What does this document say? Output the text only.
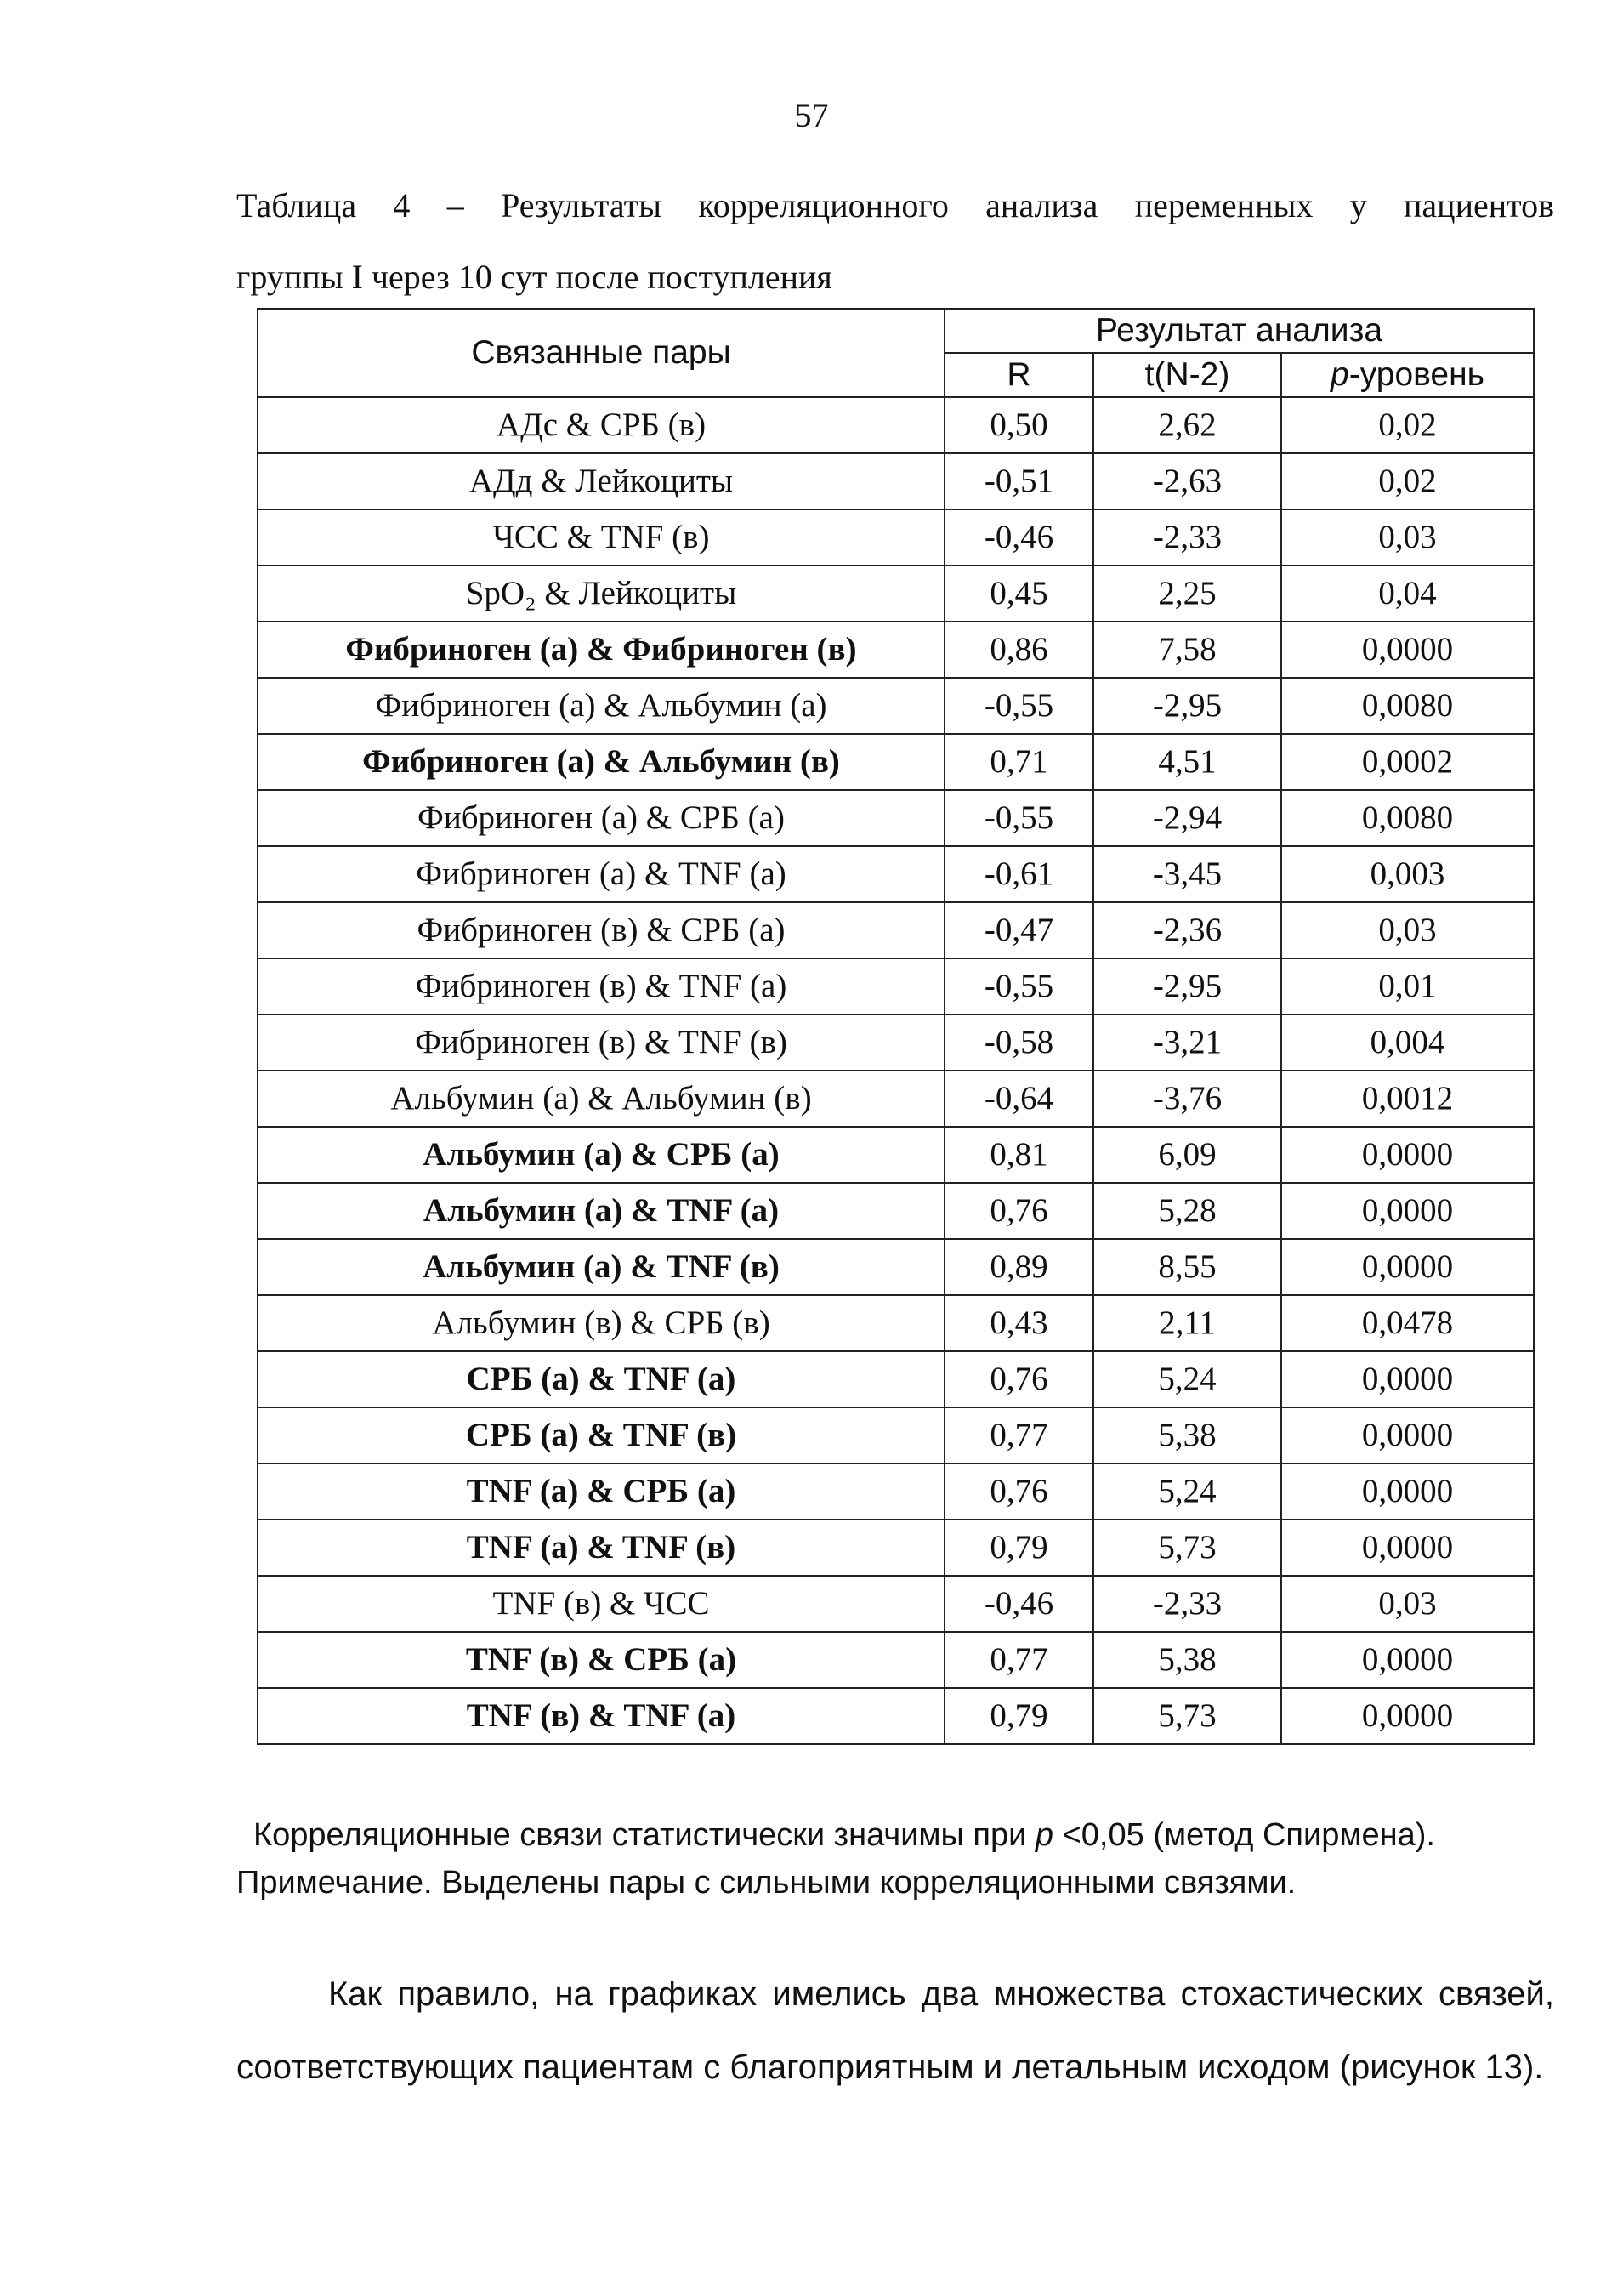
57
Таблица 4 – Результаты корреляционного анализа переменных у пациентов
группы I через 10 сут после поступления
Связанные пары	Результат анализа		
	R	t(N-2)	p-уровень
АДс & СРБ (в)	0,50	2,62	0,02
АДд & Лейкоциты	-0,51	-2,63	0,02
ЧСС & TNF (в)	-0,46	-2,33	0,03
SpO₂ & Лейкоциты	0,45	2,25	0,04
Фибриноген (а) & Фибриноген (в)	0,86	7,58	0,0000
Фибриноген (а) & Альбумин (а)	-0,55	-2,95	0,0080
Фибриноген (а) & Альбумин (в)	0,71	4,51	0,0002
Фибриноген (а) & СРБ (а)	-0,55	-2,94	0,0080
Фибриноген (а) & TNF (а)	-0,61	-3,45	0,003
Фибриноген (в) & СРБ (а)	-0,47	-2,36	0,03
Фибриноген (в) & TNF (а)	-0,55	-2,95	0,01
Фибриноген (в) & TNF (в)	-0,58	-3,21	0,004
Альбумин (а) & Альбумин (в)	-0,64	-3,76	0,0012
Альбумин (а) & СРБ (а)	0,81	6,09	0,0000
Альбумин (а) & TNF (а)	0,76	5,28	0,0000
Альбумин (а) & TNF (в)	0,89	8,55	0,0000
Альбумин (в) & СРБ (в)	0,43	2,11	0,0478
СРБ (а) & TNF (а)	0,76	5,24	0,0000
СРБ (а) & TNF (в)	0,77	5,38	0,0000
TNF (а) & СРБ (а)	0,76	5,24	0,0000
TNF (а) & TNF (в)	0,79	5,73	0,0000
TNF (в) & ЧСС	-0,46	-2,33	0,03
TNF (в) & СРБ (а)	0,77	5,38	0,0000
TNF (в) & TNF (а)	0,79	5,73	0,0000
Корреляционные связи статистически значимы при p <0,05 (метод Спирмена).
Примечание. Выделены пары с сильными корреляционными связями.
Как правило, на графиках имелись два множества стохастических связей, соответствующих пациентам с благоприятным и летальным исходом (рисунок 13).
